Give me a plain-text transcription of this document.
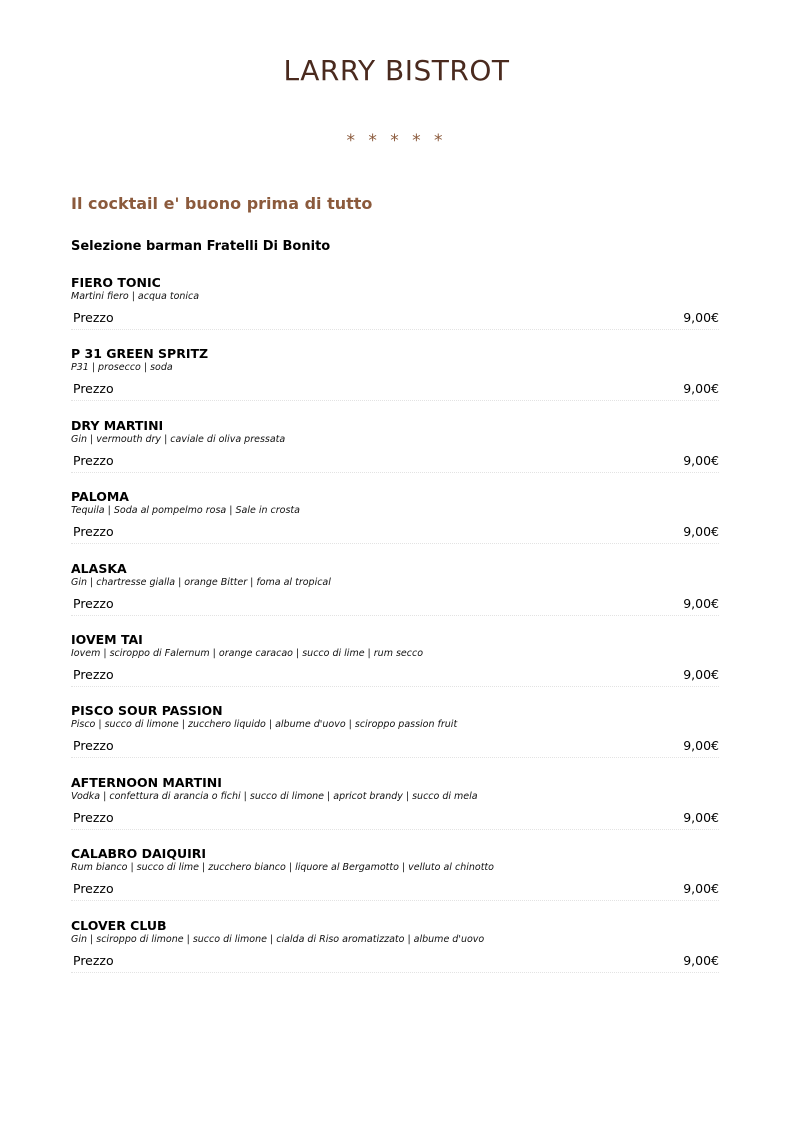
LARRY BISTROT
* * * * *
Il cocktail e' buono prima di tutto
Selezione barman Fratelli Di Bonito
FIERO TONIC
Martini fiero | acqua tonica
Prezzo	9,00€
P 31 GREEN SPRITZ
P31 | prosecco | soda
Prezzo	9,00€
DRY MARTINI
Gin | vermouth dry | caviale di oliva pressata
Prezzo	9,00€
PALOMA
Tequila | Soda al pompelmo rosa | Sale in crosta
Prezzo	9,00€
ALASKA
Gin | chartresse gialla | orange Bitter | foma al tropical
Prezzo	9,00€
IOVEM TAI
Iovem | sciroppo di Falernum | orange caracao | succo di lime | rum secco
Prezzo	9,00€
PISCO SOUR PASSION
Pisco | succo di limone | zucchero liquido | albume d'uovo | sciroppo passion fruit
Prezzo	9,00€
AFTERNOON MARTINI
Vodka | confettura di arancia o fichi | succo di limone | apricot brandy | succo di mela
Prezzo	9,00€
CALABRO DAIQUIRI
Rum bianco | succo di lime | zucchero bianco | liquore al Bergamotto | velluto al chinotto
Prezzo	9,00€
CLOVER CLUB
Gin | sciroppo di limone | succo di limone | cialda di Riso aromatizzato | albume d'uovo
Prezzo	9,00€
